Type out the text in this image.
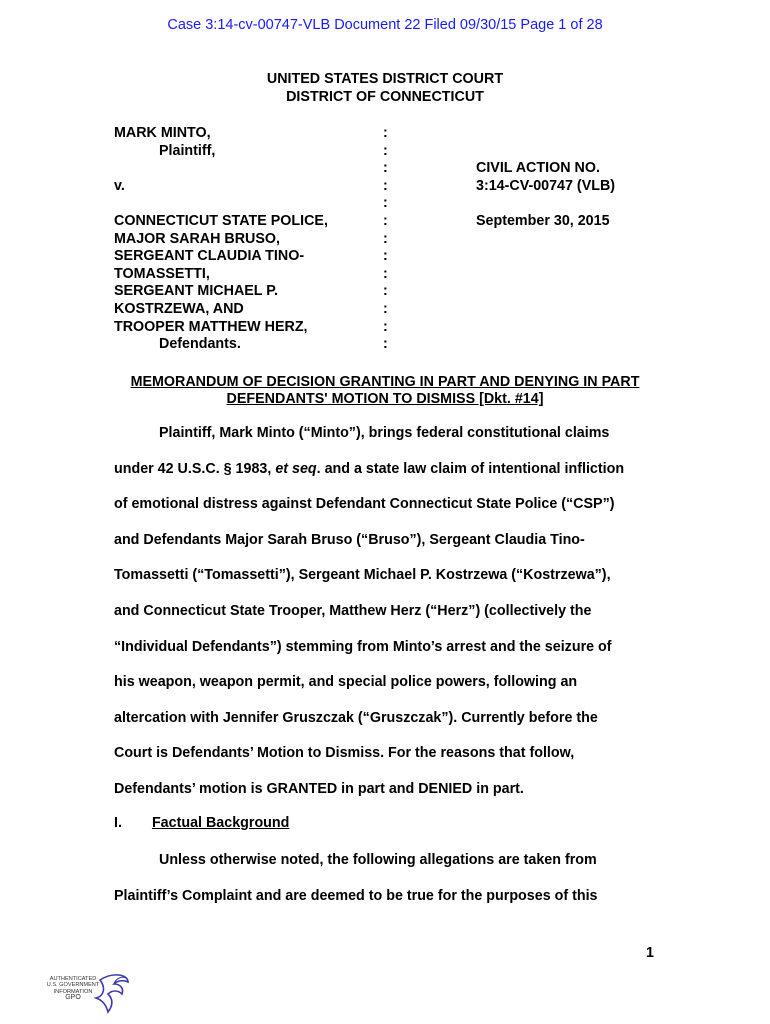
Case 3:14-cv-00747-VLB Document 22 Filed 09/30/15 Page 1 of 28
UNITED STATES DISTRICT COURT
DISTRICT OF CONNECTICUT
MARK MINTO,
Plaintiff,

v.

CONNECTICUT STATE POLICE,
MAJOR SARAH BRUSO,
SERGEANT CLAUDIA TINO-
TOMASSETTI,
SERGEANT MICHAEL P.
KOSTRZEWA, AND
TROOPER MATTHEW HERZ,
Defendants.
:
:
:
:
:
:
:
:
:
:
:
:
:
CIVIL ACTION NO.
3:14-CV-00747 (VLB)
September 30, 2015
MEMORANDUM OF DECISION GRANTING IN PART AND DENYING IN PART
DEFENDANTS' MOTION TO DISMISS [Dkt. #14]
Plaintiff, Mark Minto (“Minto”), brings federal constitutional claims
under 42 U.S.C. § 1983, et seq. and a state law claim of intentional infliction
of emotional distress against Defendant Connecticut State Police (“CSP”)
and Defendants Major Sarah Bruso (“Bruso”), Sergeant Claudia Tino-
Tomassetti (“Tomassetti”), Sergeant Michael P. Kostrzewa (“Kostrzewa”),
and Connecticut State Trooper, Matthew Herz (“Herz”) (collectively the
“Individual Defendants”) stemming from Minto’s arrest and the seizure of
his weapon, weapon permit, and special police powers, following an
altercation with Jennifer Gruszczak (“Gruszczak”). Currently before the
Court is Defendants’ Motion to Dismiss. For the reasons that follow,
Defendants’ motion is GRANTED in part and DENIED in part.
I. Factual Background
Unless otherwise noted, the following allegations are taken from
Plaintiff’s Complaint and are deemed to be true for the purposes of this
1
AUTHENTICATED
U.S. GOVERNMENT
INFORMATION
GPO
